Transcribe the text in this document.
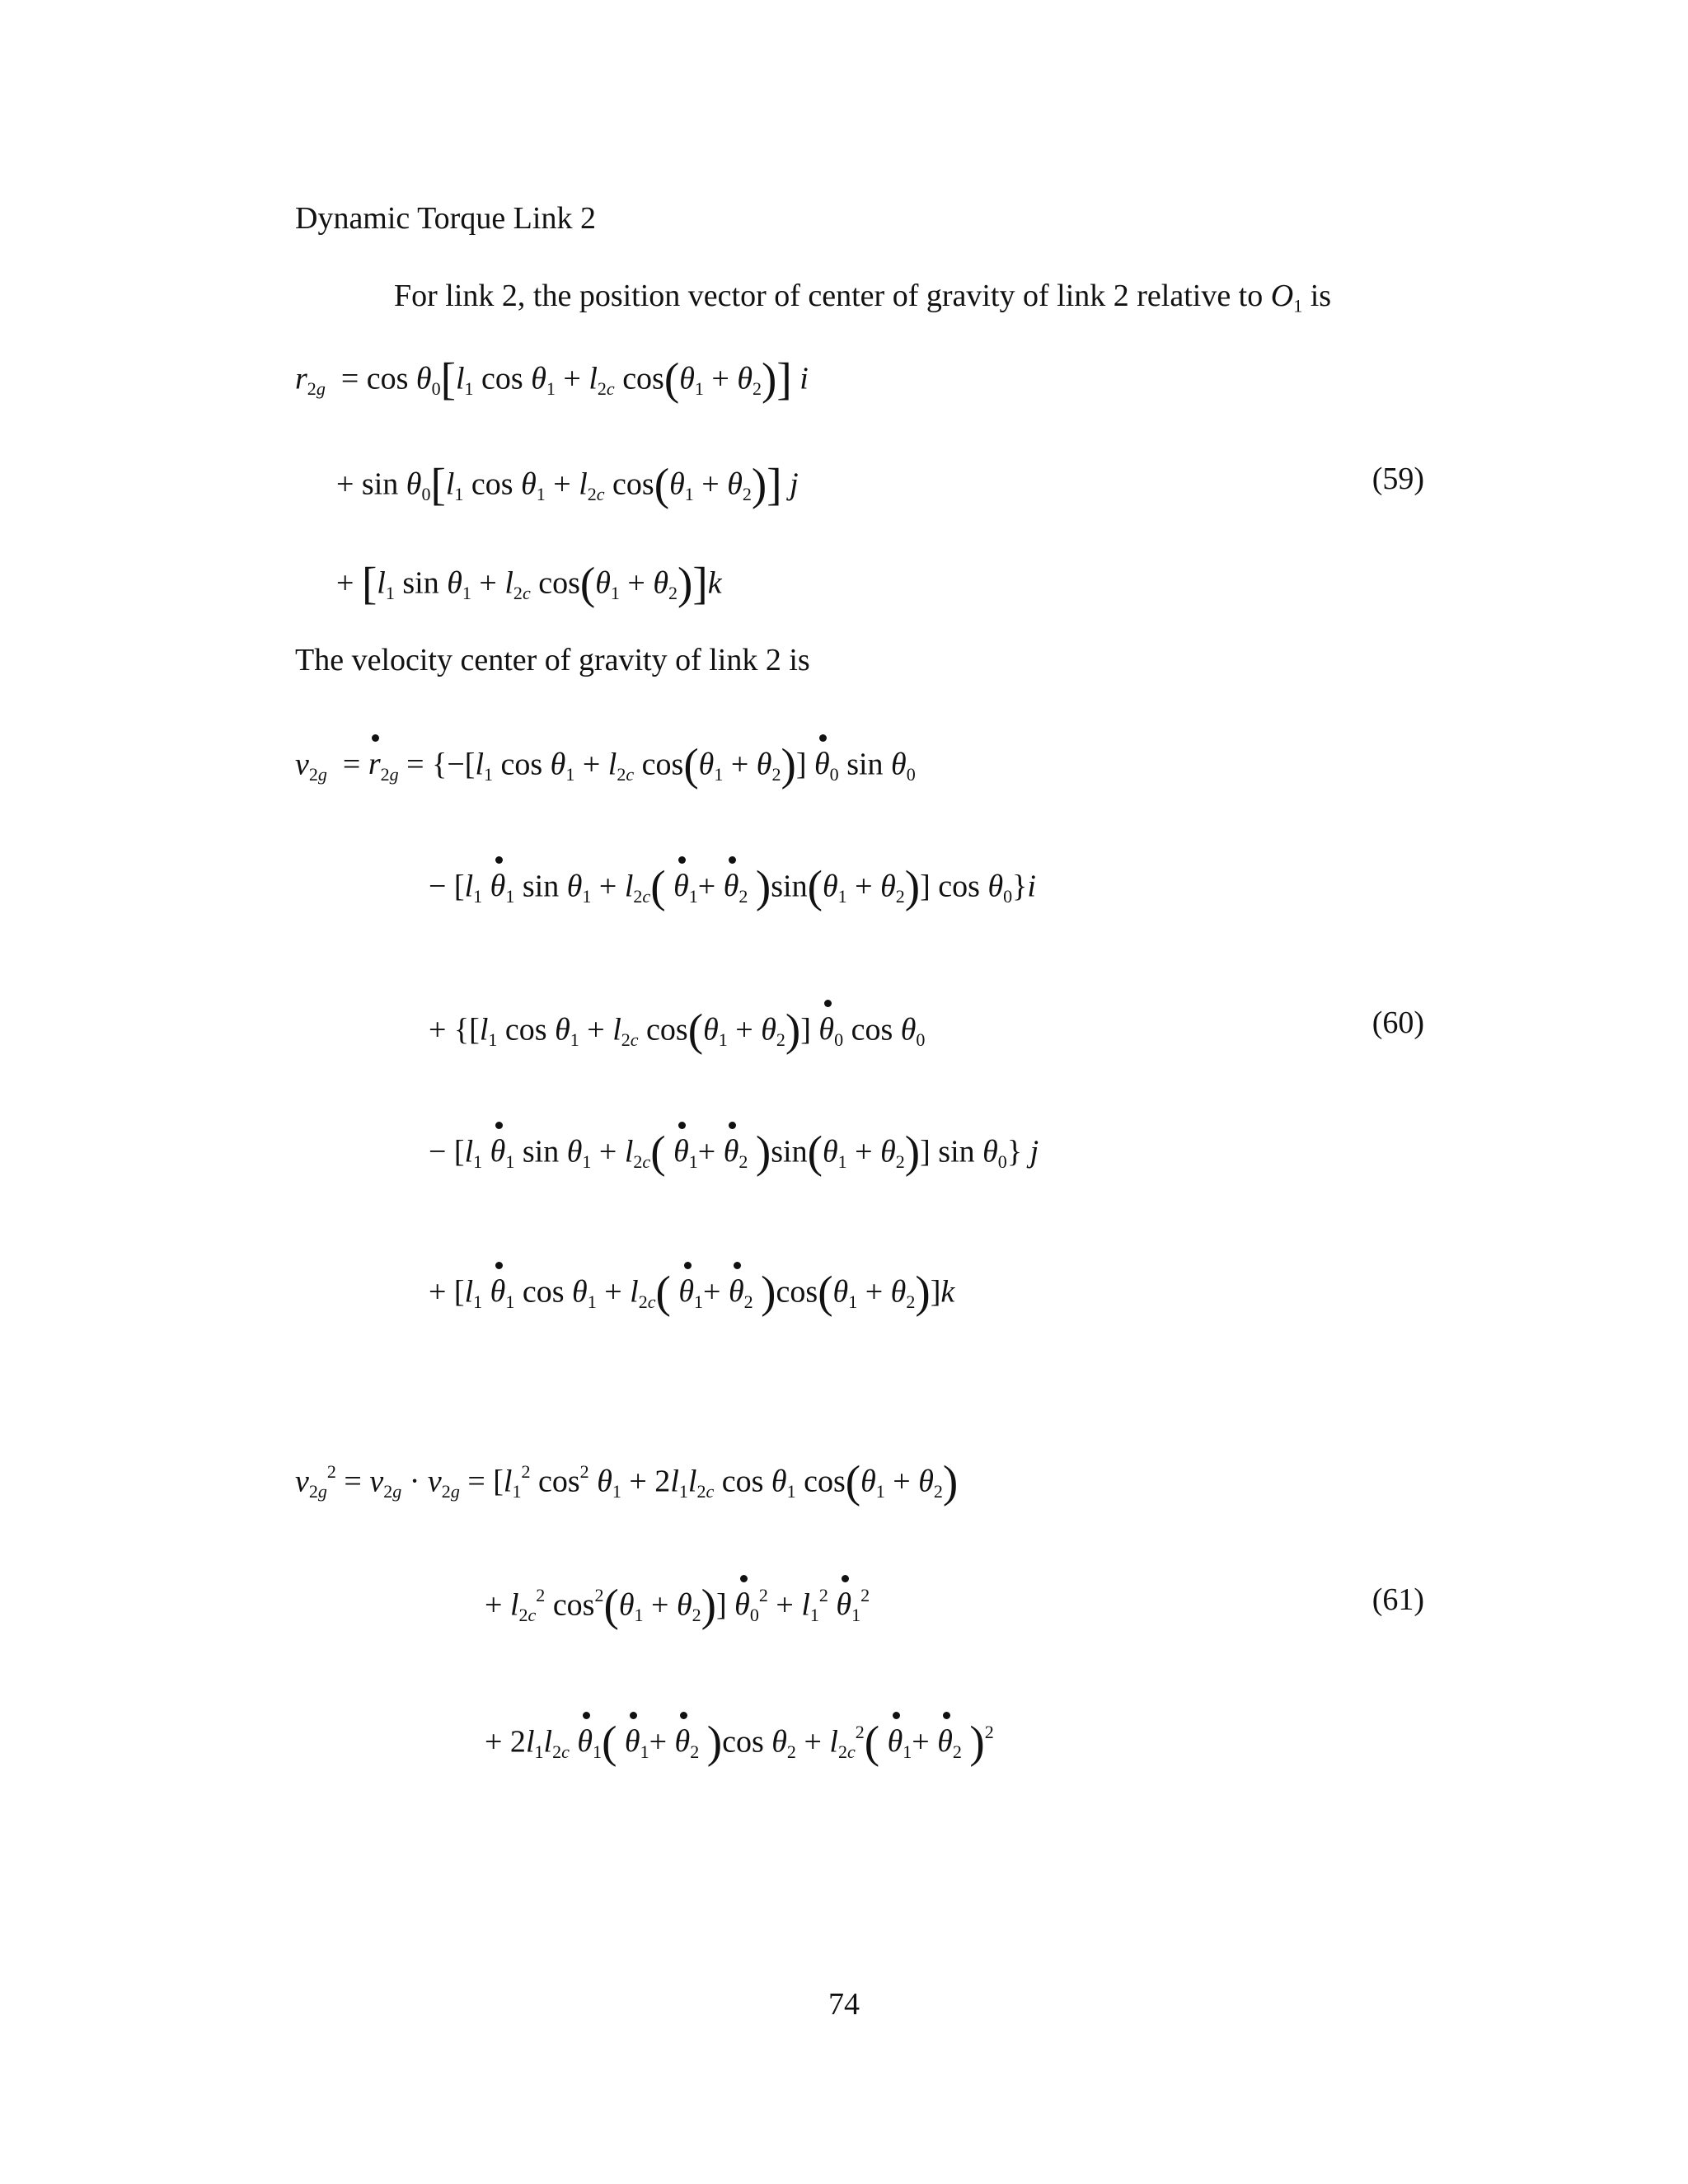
Dynamic Torque Link 2
For link 2, the position vector of center of gravity of link 2 relative to $O_1$ is
$r_{2g} = \cos \theta_0[l_1$ $\cos \theta_1 + l_{2c}$ $\cos(\theta_1 + \theta_2)$] i
+ $\sin \theta_0[l_1$ $\cos \theta_1 + l_{2c}$ $\cos(\theta_1 + \theta_2)$] j	(59)
+ [$l_1$ $\sin \theta_1 + l_{2c}$ $\cos(\theta_1 + \theta_2)]k$
The velocity center of gravity of link 2 is
$v_{2g} = r_{2g} = \{-[l_1$ $\cos \theta_1 + l_{2c}$ $\cos(\theta_1 + \theta_2)$] $\theta_0$ $\sin \theta_0$
− [$l_1$ $\theta_1$ $\sin \theta_1 + l_{2c}$( $\theta_1+ \theta_2$ )$\sin(\theta_1 + \theta_2)$] $\cos \theta_0\}i$
+ {[$l_1$ $\cos \theta_1 + l_{2c}$ $\cos(\theta_1 + \theta_2)$] $\theta_0$ $\cos \theta_0$	(60)
− [$l_1$ $\theta_1$ $\sin \theta_1 + l_{2c}$( $\theta_1+ \theta_2$ )$\sin(\theta_1 + \theta_2)$] $\sin \theta_0$} j
+ [$l_1$ $\theta_1$ $\cos \theta_1 + l_{2c}$( $\theta_1+ \theta_2$ )$\cos(\theta_1 + \theta_2)]k$
$v_{2g}^2 = v_{2g} \cdot v_{2g} = [l_1^2$ $\cos^2 \theta_1 + 2l_1l_{2c}$ $\cos \theta_1$ $\cos(\theta_1 + \theta_2)$
+ $l_{2c}^2$ $\cos^2(\theta_1 + \theta_2)$] $\theta_0^2 + l_1^2$ $\theta_1^2$	(61)
+ $2l_1l_{2c}$ $\theta_1$( $\theta_1+ \theta_2$ )cos $\theta_2 + l_{2c}^2$( $\theta_1+ \theta_2$ )$^2$
74
